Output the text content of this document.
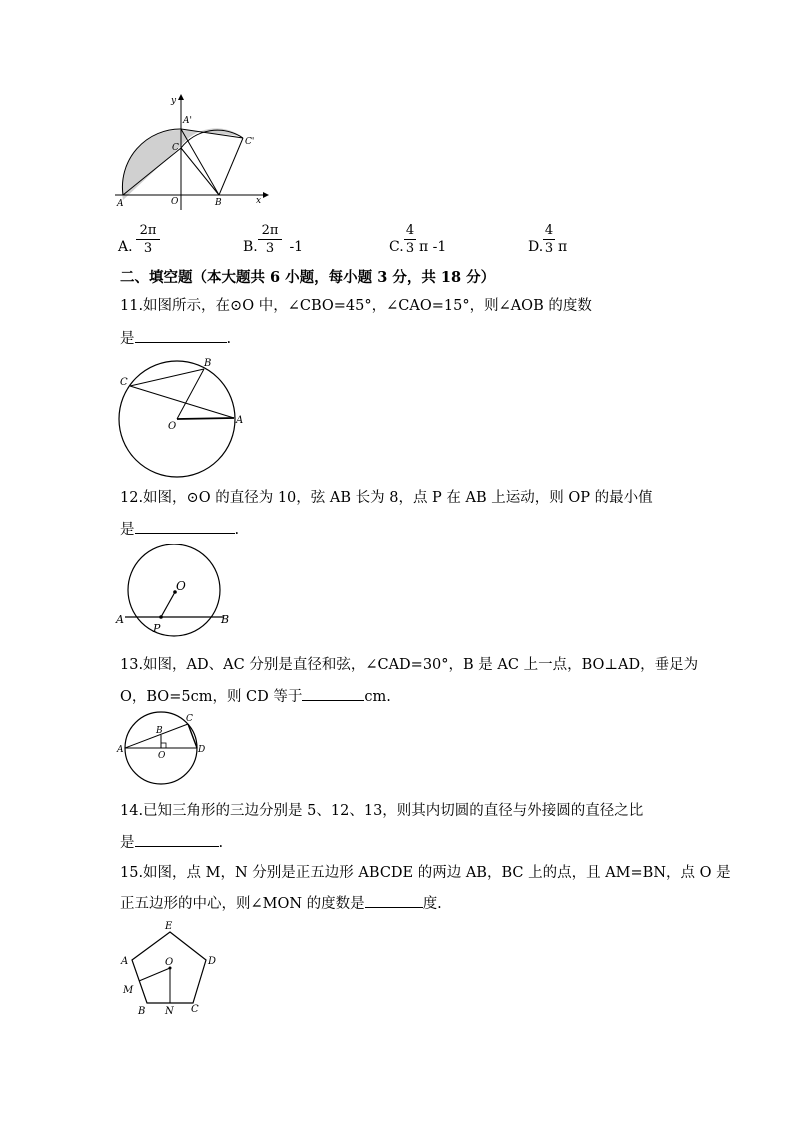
y
x
A'
C'
C
A	O	B
A.
2π
3	B.
2π
3 -1	C.
4
3 π -1	D.
4
3 π
二、填空题（本大题共 6 小题，每小题 3 分，共 18 分）
11.如图所示，在⊙O 中，∠CBO=45°，∠CAO=15°，则∠AOB 的度数
是	.
B
C
O
A
12.如图，⊙O 的直径为 10，弦 AB 长为 8，点 P 在 AB 上运动，则 OP 的最小值
是	.
O
A
P
B
13.如图，AD、AC 分别是直径和弦，∠CAD=30°，B 是 AC 上一点，BO⊥AD，垂足为
O，BO=5cm，则 CD 等于	cm.
C
B
A	D
O
14.已知三角形的三边分别是 5、12、13，则其内切圆的直径与外接圆的直径之比
是	.
15.如图，点 M，N 分别是正五边形 ABCDE 的两边 AB，BC 上的点，且 AM=BN，点 O 是
正五边形的中心，则∠MON 的度数是	度.
E
A	O	D
M
B N C
